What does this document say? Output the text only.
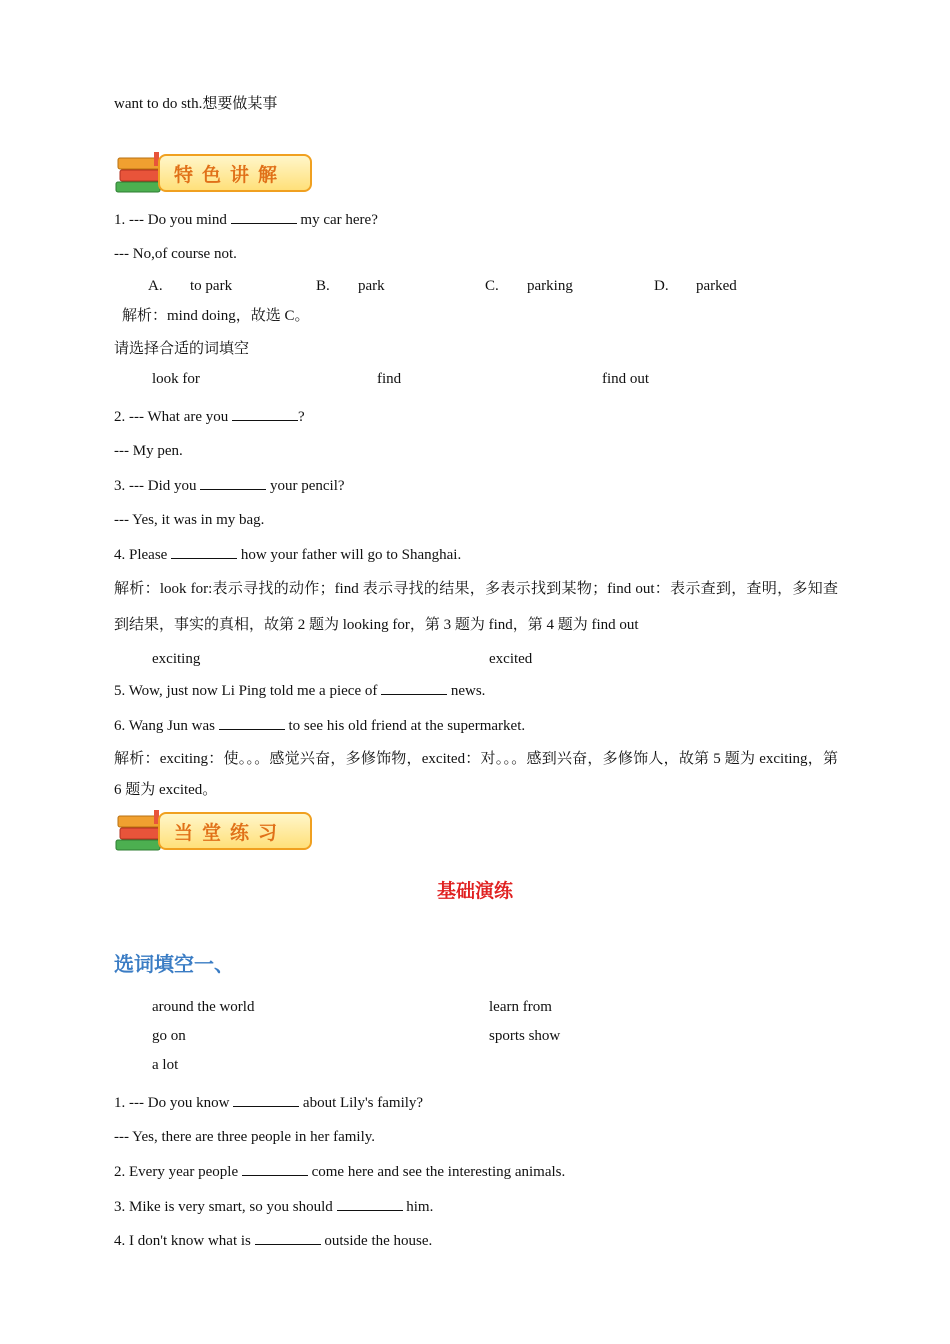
want to do sth.想要做某事
特色讲解
1. --- Do you mind	my car here?
--- No,of course not.
A. to park	B. park	C. parking	D. parked
解析：mind doing，故选 C。
请选择合适的词填空
look for	find	find out
2. --- What are you	?
--- My pen.
3. --- Did you	your pencil?
--- Yes, it was in my bag.
4. Please	how your father will go to Shanghai.
解析：look for:表示寻找的动作；find 表示寻找的结果，多表示找到某物；find out：表示查到，查明，多知查到结果，事实的真相，故第 2 题为 looking for，第 3 题为 find，第 4 题为 find out
exciting	excited
5. Wow, just now Li Ping told me a piece of	news.
6. Wang Jun was	to see his old friend at the supermarket.
解析：exciting：使。。。感觉兴奋，多修饰物，excited：对。。。感到兴奋，多修饰人，故第 5 题为 exciting，第 6 题为 excited。
当堂练习
基础演练
选词填空一、
around the world	learn from
go on	sports show
a lot
1. --- Do you know	about Lily's family?
--- Yes, there are three people in her family.
2. Every year people	come here and see the interesting animals.
3. Mike is very smart, so you should	him.
4. I don't know what is	outside the house.
